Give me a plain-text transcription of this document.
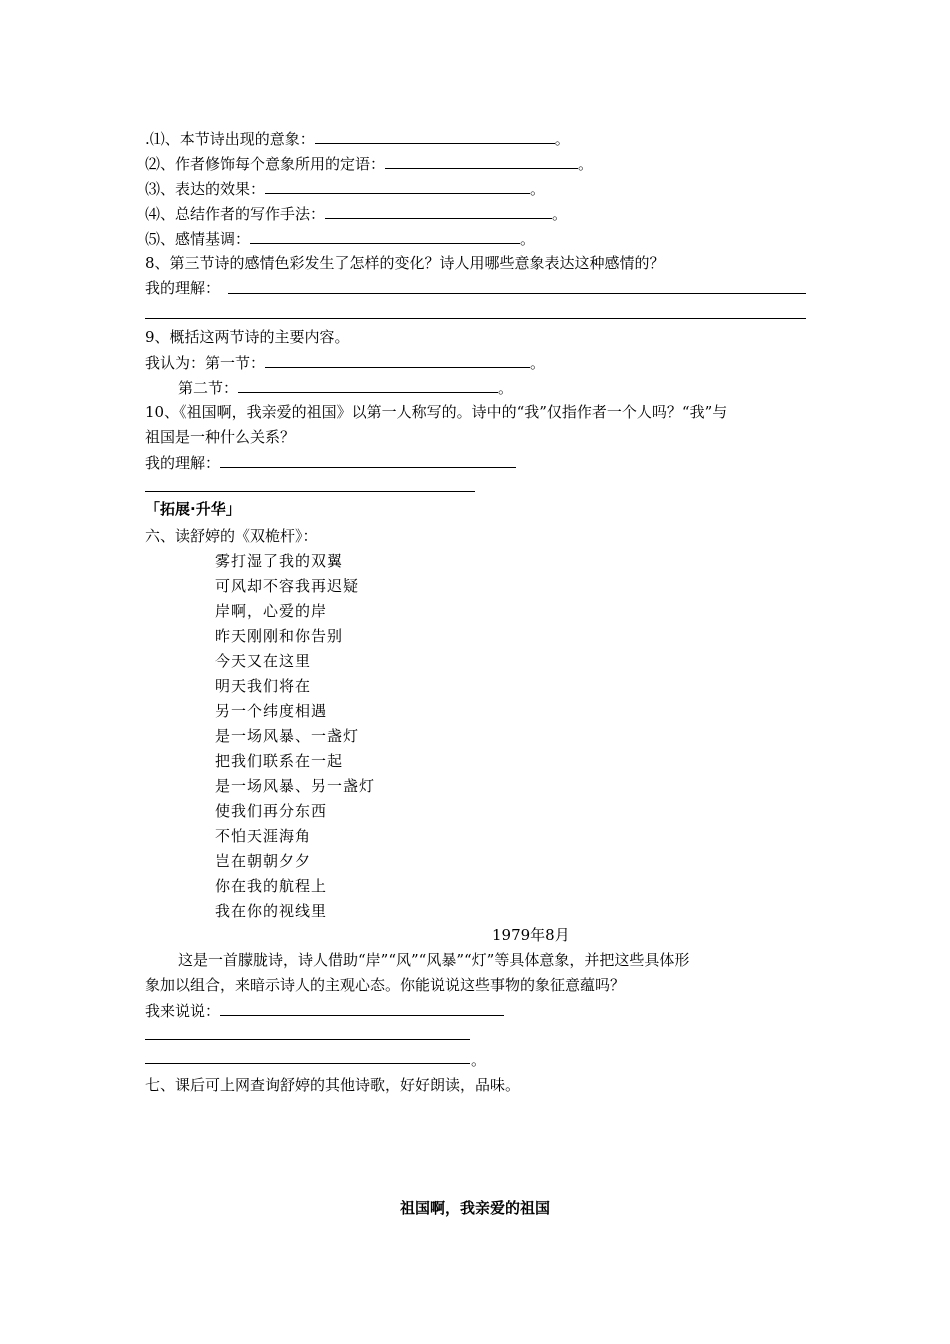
.⑴、本节诗出现的意象：	。
⑵、作者修饰每个意象所用的定语：	。
⑶、表达的效果：	。
⑷、总结作者的写作手法：	。
⑸、感情基调：	。
8、第三节诗的感情色彩发生了怎样的变化？诗人用哪些意象表达这种感情的？
我的理解：
9、概括这两节诗的主要内容。
我认为：第一节：	。
第二节：	。
10、《祖国啊，我亲爱的祖国》以第一人称写的。诗中的“我”仅指作者一个人吗？“我”与
祖国是一种什么关系？
我的理解：
「拓展·升华」
六、读舒婷的《双桅杆》：
雾打湿了我的双翼
可风却不容我再迟疑
岸啊，心爱的岸
昨天刚刚和你告别
今天又在这里
明天我们将在
另一个纬度相遇
是一场风暴、一盏灯
把我们联系在一起
是一场风暴、另一盏灯
使我们再分东西
不怕天涯海角
岂在朝朝夕夕
你在我的航程上
我在你的视线里
1979年8月
这是一首朦胧诗，诗人借助“岸”“风”“风暴”“灯”等具体意象，并把这些具体形
象加以组合，来暗示诗人的主观心态。你能说说这些事物的象征意蕴吗？
我来说说：
。
七、课后可上网查询舒婷的其他诗歌，好好朗读，品味。
祖国啊，我亲爱的祖国
